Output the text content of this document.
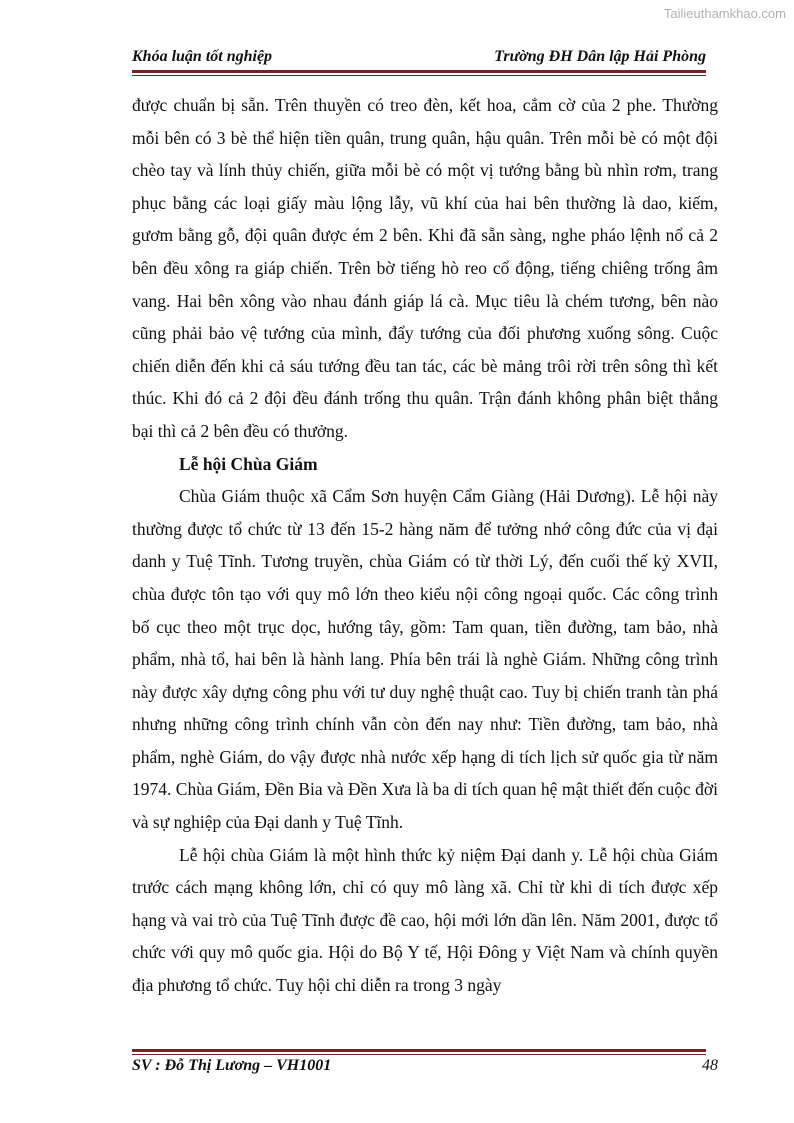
Tailieuthamkhao.com
Khóa luận tốt nghiệp	Trường ĐH Dân lập Hải Phòng

được chuẩn bị sẵn. Trên thuyền có treo đèn, kết hoa, cắm cờ của 2 phe. Thường mỗi bên có 3 bè thể hiện tiền quân, trung quân, hậu quân. Trên mỗi bè có một đội chèo tay và lính thủy chiến, giữa mỗi bè có một vị tướng bằng bù nhìn rơm, trang phục bằng các loại giấy màu lộng lẫy, vũ khí của hai bên thường là dao, kiếm, gươm bằng gỗ, đội quân được ém 2 bên. Khi đã sẵn sàng, nghe pháo lệnh nổ cả 2 bên đều xông ra giáp chiến. Trên bờ tiếng hò reo cổ động, tiếng chiêng trống âm vang. Hai bên xông vào nhau đánh giáp lá cà. Mục tiêu là chém tương, bên nào cũng phải bảo vệ tướng của mình, đẩy tướng của đối phương xuống sông. Cuộc chiến diễn đến khi cả sáu tướng đều tan tác, các bè mảng trôi rời trên sông thì kết thúc. Khi đó cả 2 đội đều đánh trống thu quân. Trận đánh không phân biệt thắng bại thì cả 2 bên đều có thưởng.

Lễ hội Chùa Giám

Chùa Giám thuộc xã Cẩm Sơn huyện Cẩm Giàng (Hải Dương). Lễ hội này thường được tổ chức từ 13 đến 15-2 hàng năm để tưởng nhớ công đức của vị đại danh y Tuệ Tĩnh. Tương truyền, chùa Giám có từ thời Lý, đến cuối thế kỷ XVII, chùa được tôn tạo với quy mô lớn theo kiểu nội công ngoại quốc. Các công trình bố cục theo một trục dọc, hướng tây, gồm: Tam quan, tiền đường, tam bảo, nhà phẩm, nhà tổ, hai bên là hành lang. Phía bên trái là nghè Giám. Những công trình này được xây dựng công phu với tư duy nghệ thuật cao. Tuy bị chiến tranh tàn phá nhưng những công trình chính vẫn còn đến nay như: Tiền đường, tam bảo, nhà phẩm, nghè Giám, do vậy được nhà nước xếp hạng di tích lịch sử quốc gia từ năm 1974. Chùa Giám, Đền Bia và Đền Xưa là ba di tích quan hệ mật thiết đến cuộc đời và sự nghiệp của Đại danh y Tuệ Tĩnh.

Lễ hội chùa Giám là một hình thức kỷ niệm Đại danh y. Lễ hội chùa Giám trước cách mạng không lớn, chỉ có quy mô làng xã. Chỉ từ khi di tích được xếp hạng và vai trò của Tuệ Tĩnh được đề cao, hội mới lớn dần lên. Năm 2001, được tổ chức với quy mô quốc gia. Hội do Bộ Y tế, Hội Đông y Việt Nam và chính quyền địa phương tổ chức. Tuy hội chỉ diễn ra trong 3 ngày

SV : Đỗ Thị Lương – VH1001	48
